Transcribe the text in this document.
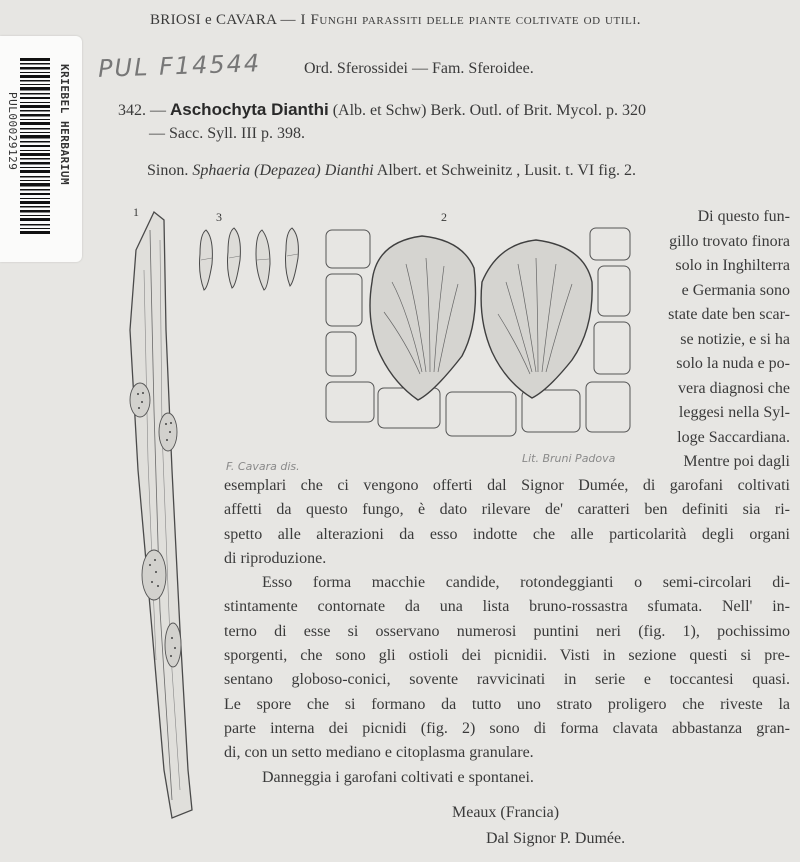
BRIOSI e CAVARA — I Funghi parassiti delle piante coltivate od utili.
KRIEBEL HERBARIUM
PUL00029129
PUL F14544	Ord. Sferossidei — Fam. Sferoidee.
342. — Aschochyta Dianthi (Alb. et Schw) Berk. Outl. of Brit. Mycol. p. 320
— Sacc. Syll. III p. 398.
Sinon. Sphaeria (Depazea) Dianthi Albert. et Schweinitz , Lusit. t. VI fig. 2.
1	3	2
F. Cavara dis.
Lit. Bruni Padova
Di questo fun-
gillo trovato finora
solo in Inghilterra
e Germania sono
state date ben scar-
se notizie, e si ha
solo la nuda e po-
vera diagnosi che
leggesi nella Syl-
loge Saccardiana.
Mentre poi dagli
esemplari che ci vengono offerti dal Signor Dumée, di garofani coltivati
affetti da questo fungo, è dato rilevare de' caratteri ben definiti sia ri-
spetto alle alterazioni da esso indotte che alle particolarità degli organi
di riproduzione.
Esso forma macchie candide, rotondeggianti o semi-circolari di-
stintamente contornate da una lista bruno-rossastra sfumata. Nell' in-
terno di esse si osservano numerosi puntini neri (fig. 1), pochissimo
sporgenti, che sono gli ostioli dei picnidii. Visti in sezione questi si pre-
sentano globoso-conici, sovente ravvicinati in serie e toccantesi quasi.
Le spore che si formano da tutto uno strato proligero che riveste la
parte interna dei picnidi (fig. 2) sono di forma clavata abbastanza gran-
di, con un setto mediano e citoplasma granulare.
Danneggia i garofani coltivati e spontanei.
Meaux (Francia)
Dal Signor P. Dumée.
